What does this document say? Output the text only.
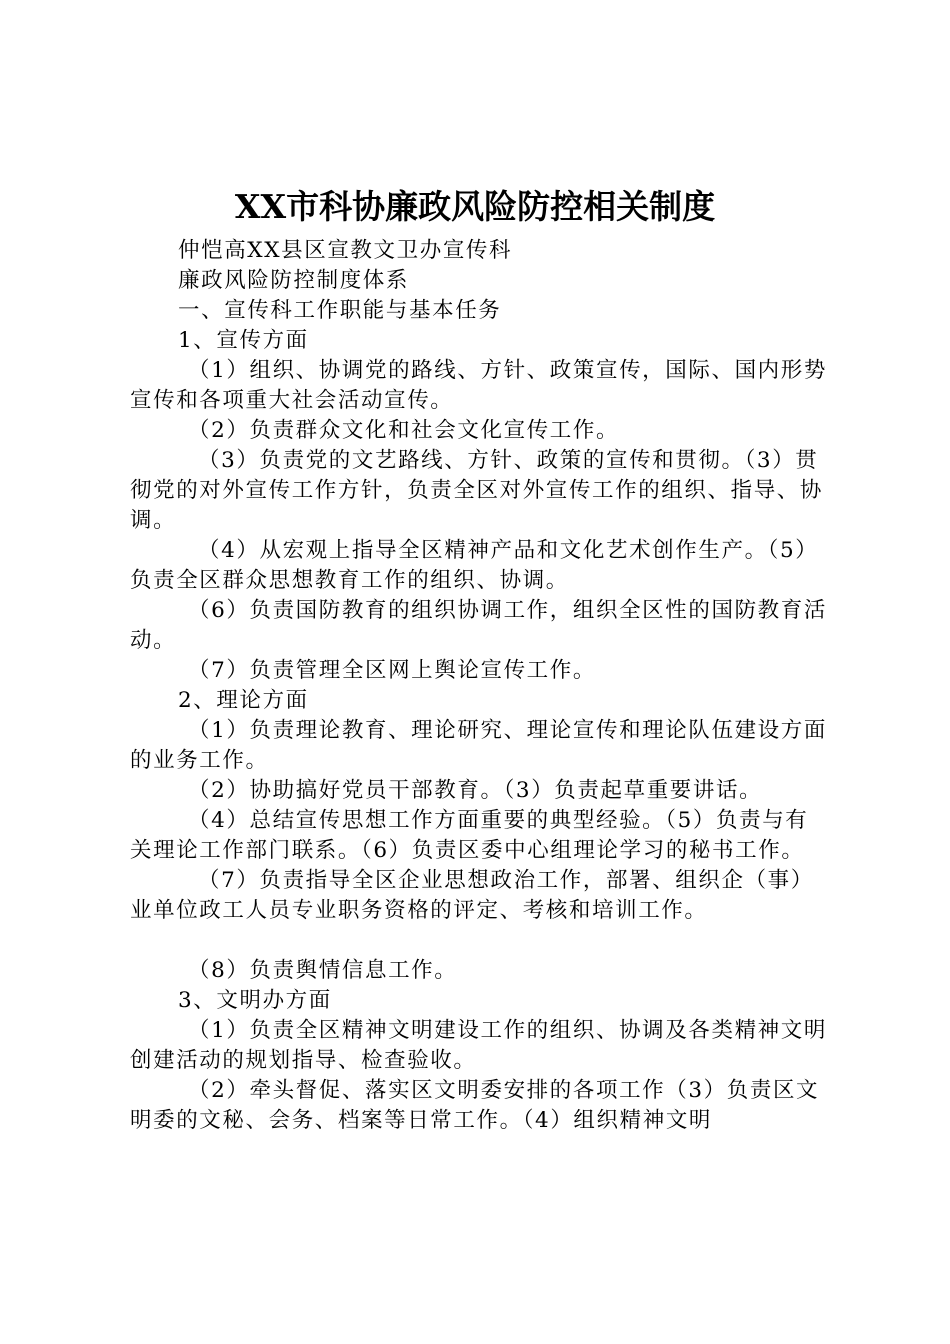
XX市科协廉政风险防控相关制度

仲恺高XX县区宣教文卫办宣传科

廉政风险防控制度体系

一、宣传科工作职能与基本任务

1、宣传方面

（1）组织、协调党的路线、方针、政策宣传，国际、国内形势宣传和各项重大社会活动宣传。

（2）负责群众文化和社会文化宣传工作。

（3）负责党的文艺路线、方针、政策的宣传和贯彻。（3）贯彻党的对外宣传工作方针，负责全区对外宣传工作的组织、指导、协调。

（4）从宏观上指导全区精神产品和文化艺术创作生产。（5）负责全区群众思想教育工作的组织、协调。

（6）负责国防教育的组织协调工作，组织全区性的国防教育活动。

（7）负责管理全区网上舆论宣传工作。

2、理论方面

（1）负责理论教育、理论研究、理论宣传和理论队伍建设方面的业务工作。

（2）协助搞好党员干部教育。（3）负责起草重要讲话。

（4）总结宣传思想工作方面重要的典型经验。（5）负责与有关理论工作部门联系。（6）负责区委中心组理论学习的秘书工作。

（7）负责指导全区企业思想政治工作，部署、组织企（事）业单位政工人员专业职务资格的评定、考核和培训工作。

（8）负责舆情信息工作。

3、文明办方面

（1）负责全区精神文明建设工作的组织、协调及各类精神文明创建活动的规划指导、检查验收。

（2）牵头督促、落实区文明委安排的各项工作（3）负责区文明委的文秘、会务、档案等日常工作。（4）组织精神文明
